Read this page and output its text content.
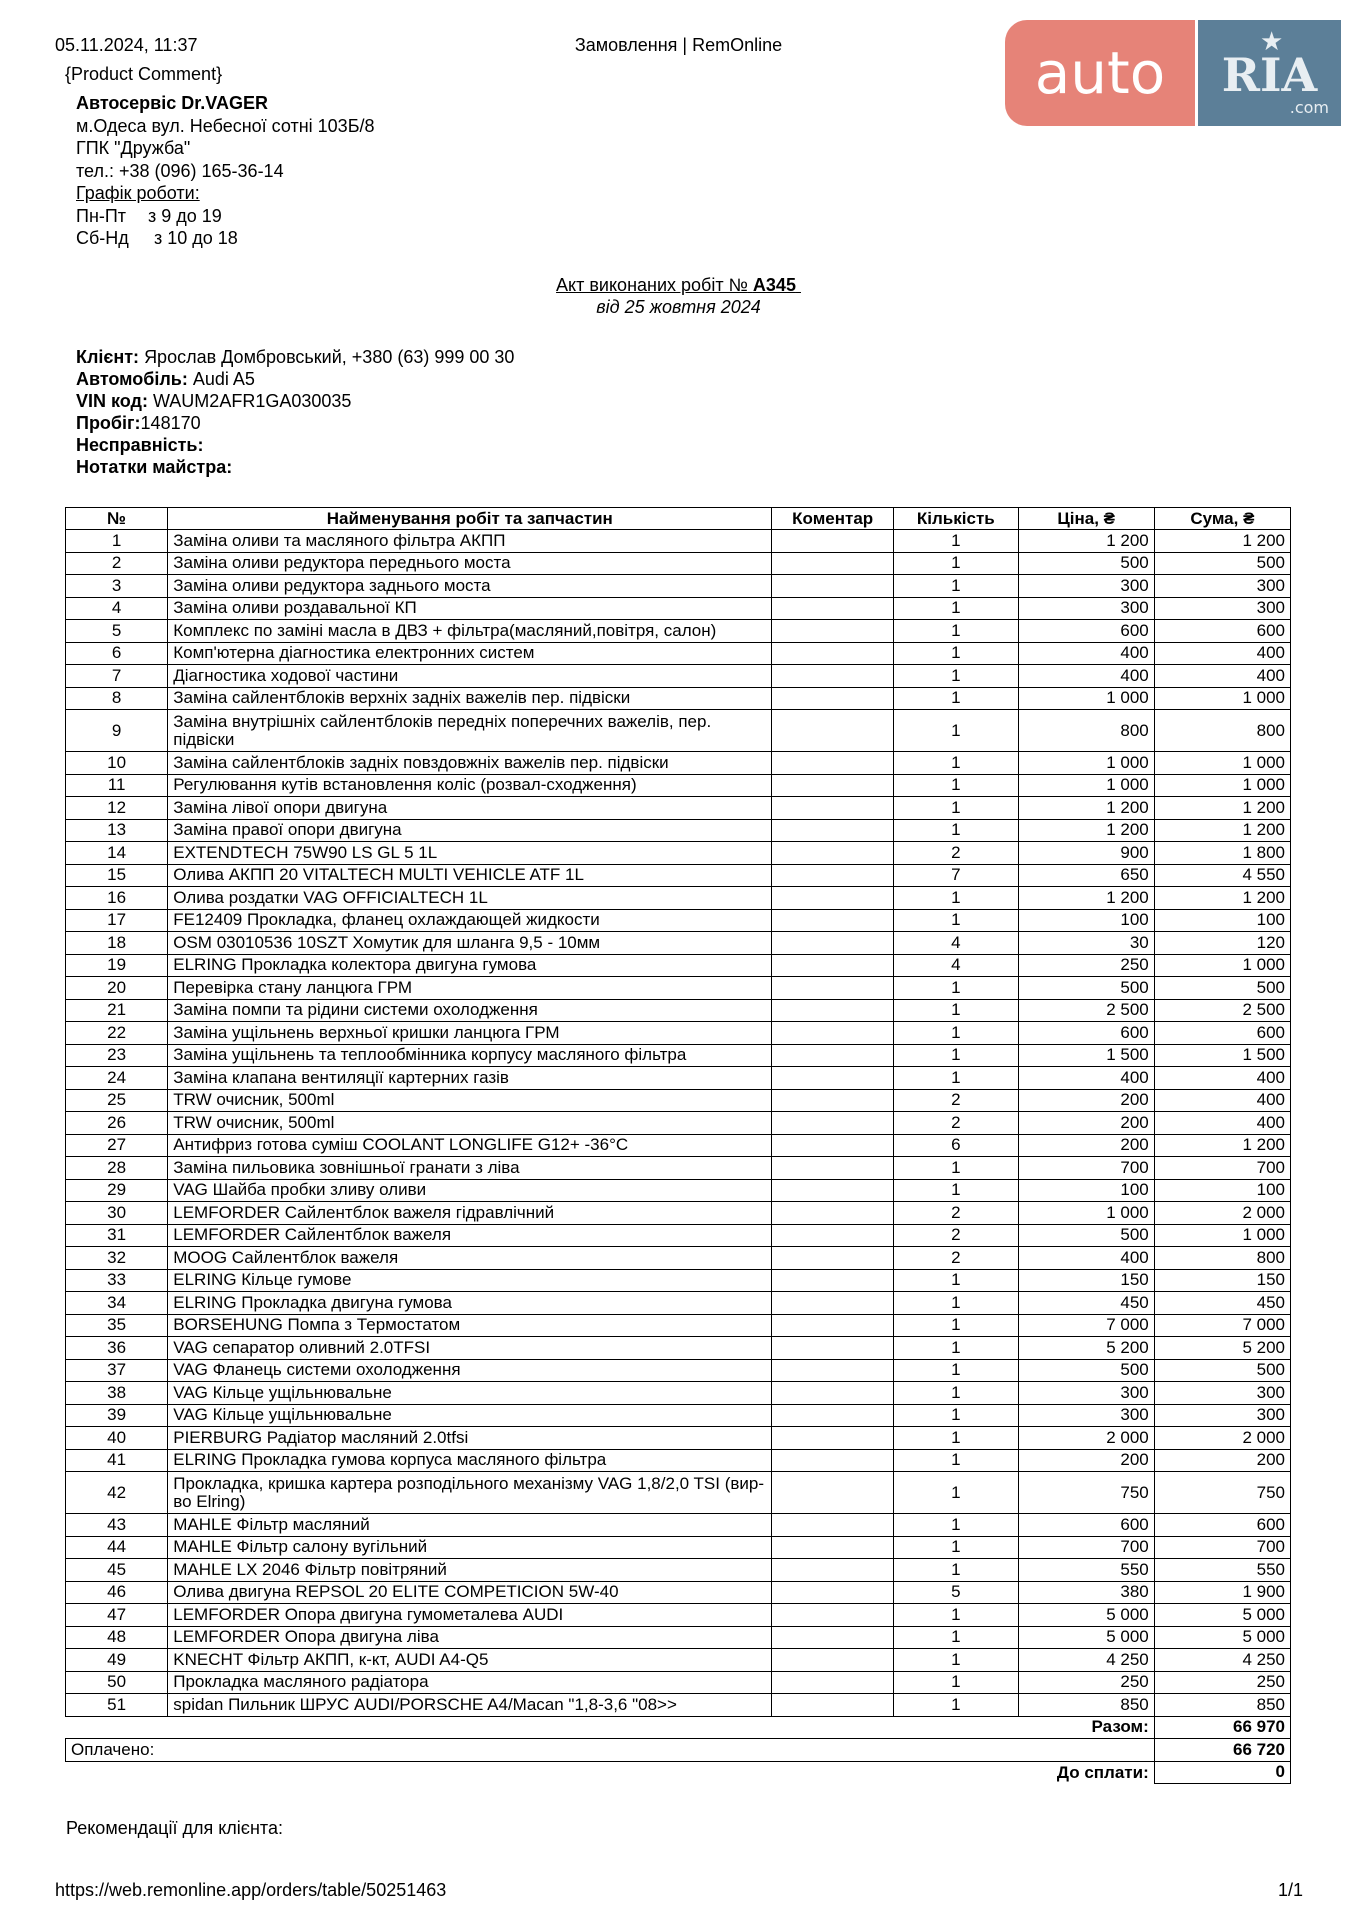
05.11.2024, 11:37	Замовлення | RemOnline
{Product Comment}	auto	★
RIA
.com
Автосервіс Dr.VAGER
м.Одеса вул. Небесної сотні 103Б/8
ГПК "Дружба"
тел.: +38 (096) 165-36-14
Графік роботи:
Пн-Пт з 9 до 19
Сб-Нд з 10 до 18
Акт виконаних робіт № А345
від 25 жовтня 2024
Клієнт: Ярослав Домбровський, +380 (63) 999 00 30
Автомобіль: Audi A5
VIN код: WAUM2AFR1GA030035
Пробіг:148170
Несправність:
Нотатки майстра:
№	Найменування робіт та запчастин	Коментар	Кількість	Ціна, ₴	Сума, ₴
1	Заміна оливи та масляного фільтра АКПП		1	1 200	1 200
2	Заміна оливи редуктора переднього моста		1	500	500
3	Заміна оливи редуктора заднього моста		1	300	300
4	Заміна оливи роздавальної КП		1	300	300
5	Комплекс по заміні масла в ДВЗ + фільтра(масляний,повітря, салон)		1	600	600
6	Комп'ютерна діагностика електронних систем		1	400	400
7	Діагностика ходової частини		1	400	400
8	Заміна сайлентблоків верхніх задніх важелів пер. підвіски		1	1 000	1 000
9	Заміна внутрішніх сайлентблоків передніх поперечних важелів, пер. підвіски		1	800	800
10	Заміна сайлентблоків задніх повздовжніх важелів пер. підвіски		1	1 000	1 000
11	Регулювання кутів встановлення коліс (розвал-сходження)		1	1 000	1 000
12	Заміна лівої опори двигуна		1	1 200	1 200
13	Заміна правої опори двигуна		1	1 200	1 200
14	EXTENDTECH 75W90 LS GL 5 1L		2	900	1 800
15	Олива АКПП 20 VITALTECH MULTI VEHICLE ATF 1L		7	650	4 550
16	Олива роздатки VAG OFFICIALTECH 1L		1	1 200	1 200
17	FE12409 Прокладка, фланец охлаждающей жидкости		1	100	100
18	OSM 03010536 10SZT Хомутик для шланга 9,5 - 10мм		4	30	120
19	ELRING Прокладка колектора двигуна гумова		4	250	1 000
20	Перевірка стану ланцюга ГРМ		1	500	500
21	Заміна помпи та рідини системи охолодження		1	2 500	2 500
22	Заміна ущільнень верхньої кришки ланцюга ГРМ		1	600	600
23	Заміна ущільнень та теплообмінника корпусу масляного фільтра		1	1 500	1 500
24	Заміна клапана вентиляції картерних газів		1	400	400
25	TRW очисник, 500ml		2	200	400
26	TRW очисник, 500ml		2	200	400
27	Антифриз готова суміш COOLANT LONGLIFE G12+ -36°C		6	200	1 200
28	Заміна пильовика зовнішньої гранати з ліва		1	700	700
29	VAG Шайба пробки зливу оливи		1	100	100
30	LEMFORDER Сайлентблок важеля гідравлічний		2	1 000	2 000
31	LEMFORDER Сайлентблок важеля		2	500	1 000
32	MOOG Сайлентблок важеля		2	400	800
33	ELRING Кільце гумове		1	150	150
34	ELRING Прокладка двигуна гумова		1	450	450
35	BORSEHUNG Помпа з Термостатом		1	7 000	7 000
36	VAG сепаратор оливний 2.0TFSI		1	5 200	5 200
37	VAG Фланець системи охолодження		1	500	500
38	VAG Кільце ущільнювальне		1	300	300
39	VAG Кільце ущільнювальне		1	300	300
40	PIERBURG Радіатор масляний 2.0tfsi		1	2 000	2 000
41	ELRING Прокладка гумова корпуса масляного фільтра		1	200	200
42	Прокладка, кришка картера розподільного механізму VAG 1,8/2,0 TSI (вир-во Elring)		1	750	750
43	MAHLE Фільтр масляний		1	600	600
44	MAHLE Фільтр салону вугільний		1	700	700
45	MAHLE LX 2046 Фільтр повітряний		1	550	550
46	Олива двигуна REPSOL 20 ELITE COMPETICION 5W-40		5	380	1 900
47	LEMFORDER Опора двигуна гумометалева AUDI		1	5 000	5 000
48	LEMFORDER Опора двигуна ліва		1	5 000	5 000
49	KNECHT Фільтр АКПП, к-кт, AUDI A4-Q5		1	4 250	4 250
50	Прокладка масляного радіатора		1	250	250
51	spidan Пильник ШРУС AUDI/PORSCHE A4/Macan "1,8-3,6 "08>>		1	850	850
Разом:					66 970
Оплачено:					66 720
До сплати:					0
Рекомендації для клієнта:
https://web.remonline.app/orders/table/50251463	1/1
